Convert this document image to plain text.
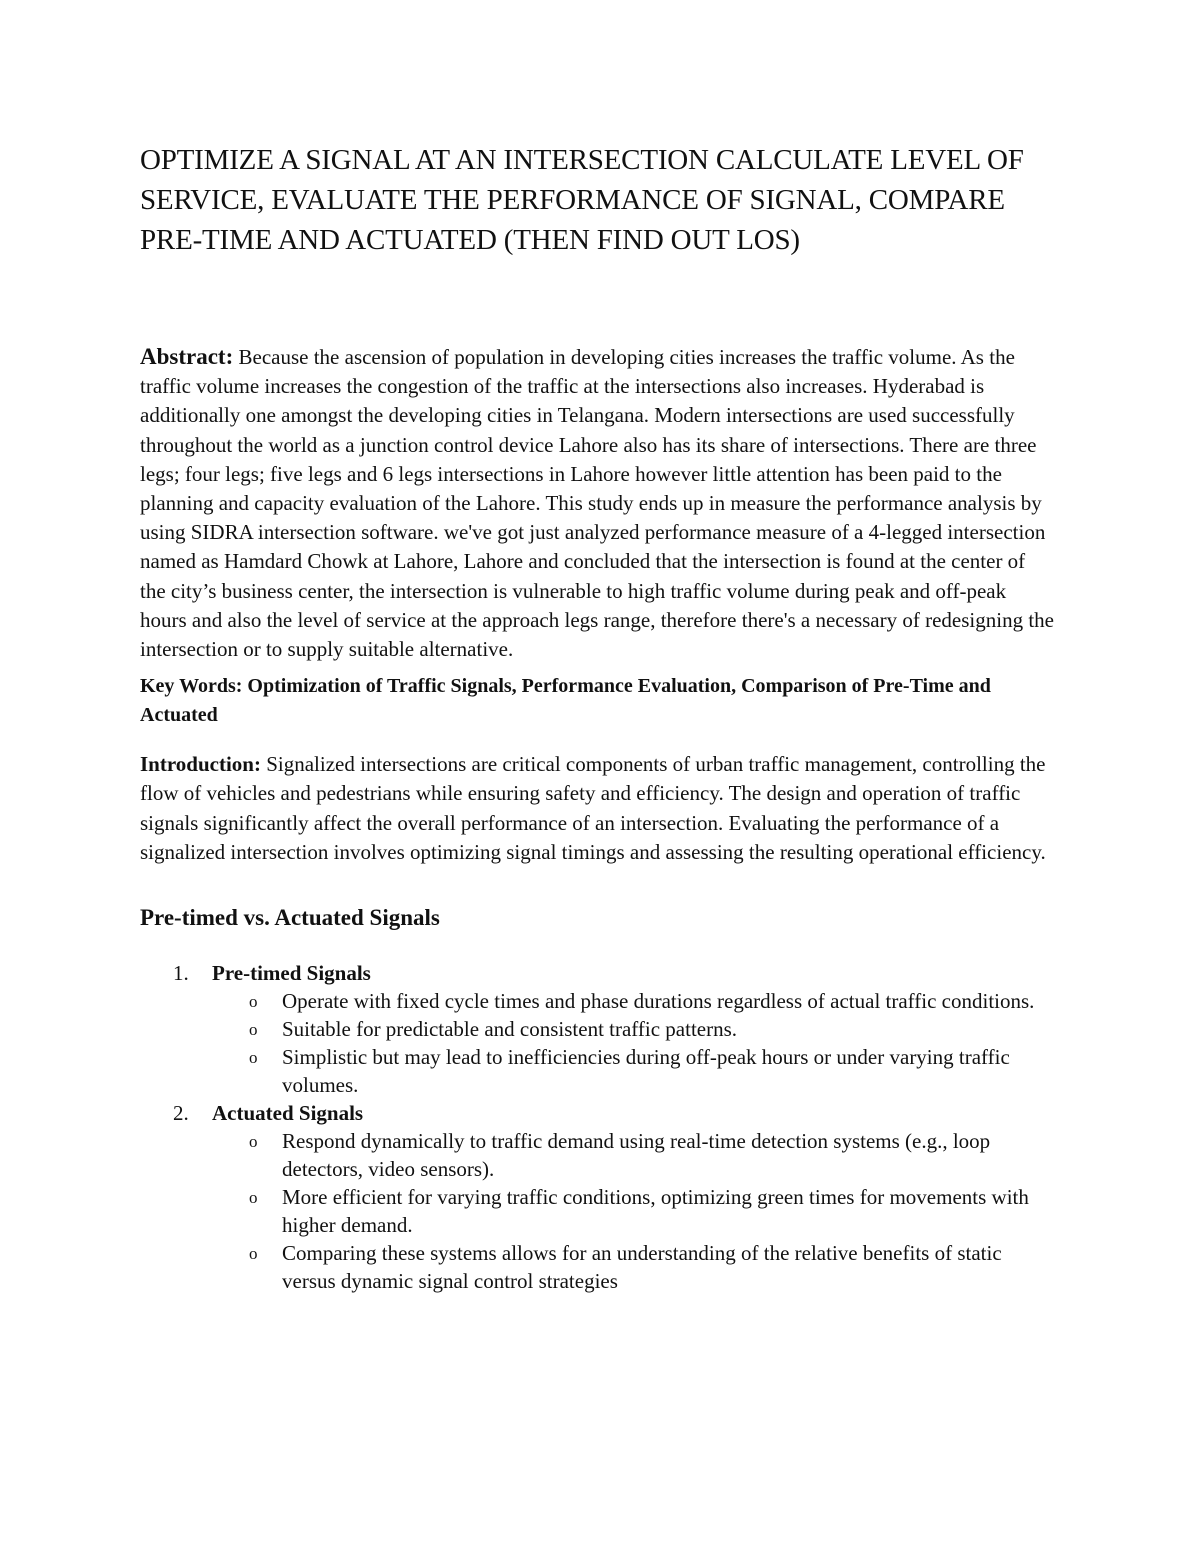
OPTIMIZE A SIGNAL AT AN INTERSECTION CALCULATE LEVEL OF SERVICE, EVALUATE THE PERFORMANCE OF SIGNAL, COMPARE PRE-TIME AND ACTUATED (THEN FIND OUT LOS)

Abstract: Because the ascension of population in developing cities increases the traffic volume. As the traffic volume increases the congestion of the traffic at the intersections also increases. Hyderabad is additionally one amongst the developing cities in Telangana. Modern intersections are used successfully throughout the world as a junction control device Lahore also has its share of intersections. There are three legs; four legs; five legs and 6 legs intersections in Lahore however little attention has been paid to the planning and capacity evaluation of the Lahore. This study ends up in measure the performance analysis by using SIDRA intersection software. we've got just analyzed performance measure of a 4-legged intersection named as Hamdard Chowk at Lahore, Lahore and concluded that the intersection is found at the center of the city’s business center, the intersection is vulnerable to high traffic volume during peak and off-peak hours and also the level of service at the approach legs range, therefore there's a necessary of redesigning the intersection or to supply suitable alternative.

Key Words: Optimization of Traffic Signals, Performance Evaluation, Comparison of Pre-Time and Actuated

Introduction: Signalized intersections are critical components of urban traffic management, controlling the flow of vehicles and pedestrians while ensuring safety and efficiency. The design and operation of traffic signals significantly affect the overall performance of an intersection. Evaluating the performance of a signalized intersection involves optimizing signal timings and assessing the resulting operational efficiency.

Pre-timed vs. Actuated Signals
1. Pre-timed Signals
o Operate with fixed cycle times and phase durations regardless of actual traffic conditions.
o Suitable for predictable and consistent traffic patterns.
o Simplistic but may lead to inefficiencies during off-peak hours or under varying traffic volumes.
2. Actuated Signals
o Respond dynamically to traffic demand using real-time detection systems (e.g., loop detectors, video sensors).
o More efficient for varying traffic conditions, optimizing green times for movements with higher demand.
o Comparing these systems allows for an understanding of the relative benefits of static versus dynamic signal control strategies
